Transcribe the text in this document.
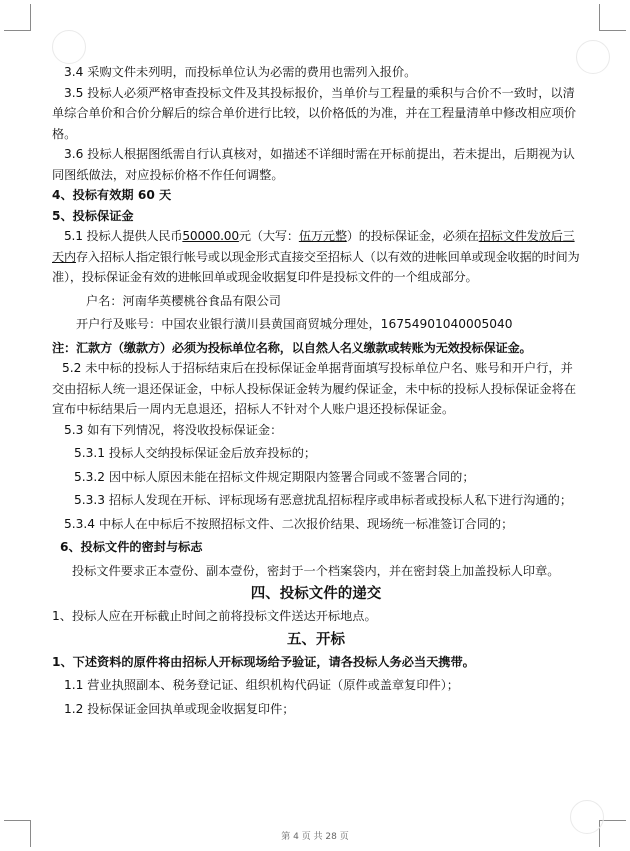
3.4 采购文件未列明，而投标单位认为必需的费用也需列入报价。

3.5 投标人必须严格审查投标文件及其投标报价，当单价与工程量的乘积与合价不一致时，以清单综合单价和合价分解后的综合单价进行比较，以价格低的为准，并在工程量清单中修改相应项价格。

3.6 投标人根据图纸需自行认真核对，如描述不详细时需在开标前提出，若未提出，后期视为认同图纸做法，对应投标价格不作任何调整。

4、投标有效期 60 天

5、投标保证金

5.1 投标人提供人民币50000.00元（大写：伍万元整）的投标保证金，必须在招标文件发放后三天内存入招标人指定银行帐号或以现金形式直接交至招标人（以有效的进帐回单或现金收据的时间为准），投标保证金有效的进帐回单或现金收据复印件是投标文件的一个组成部分。

户名：河南华英樱桃谷食品有限公司

开户行及账号：中国农业银行潢川县黄国商贸城分理处，16754901040005040

注：汇款方（缴款方）必须为投标单位名称，以自然人名义缴款或转账为无效投标保证金。

5.2 未中标的投标人于招标结束后在投标保证金单据背面填写投标单位户名、账号和开户行，并交由招标人统一退还保证金，中标人投标保证金转为履约保证金，未中标的投标人投标保证金将在宣布中标结果后一周内无息退还，招标人不针对个人账户退还投标保证金。

5.3 如有下列情况，将没收投标保证金：

5.3.1 投标人交纳投标保证金后放弃投标的；

5.3.2 因中标人原因未能在招标文件规定期限内签署合同或不签署合同的；

5.3.3 招标人发现在开标、评标现场有恶意扰乱招标程序或串标者或投标人私下进行沟通的；

5.3.4 中标人在中标后不按照招标文件、二次报价结果、现场统一标准签订合同的；

6、投标文件的密封与标志

投标文件要求正本壹份、副本壹份，密封于一个档案袋内，并在密封袋上加盖投标人印章。

四、投标文件的递交

1、投标人应在开标截止时间之前将投标文件送达开标地点。

五、开标

1、下述资料的原件将由招标人开标现场给予验证，请各投标人务必当天携带。

1.1 营业执照副本、税务登记证、组织机构代码证（原件或盖章复印件）；

1.2 投标保证金回执单或现金收据复印件；

第 4 页 共 28 页
